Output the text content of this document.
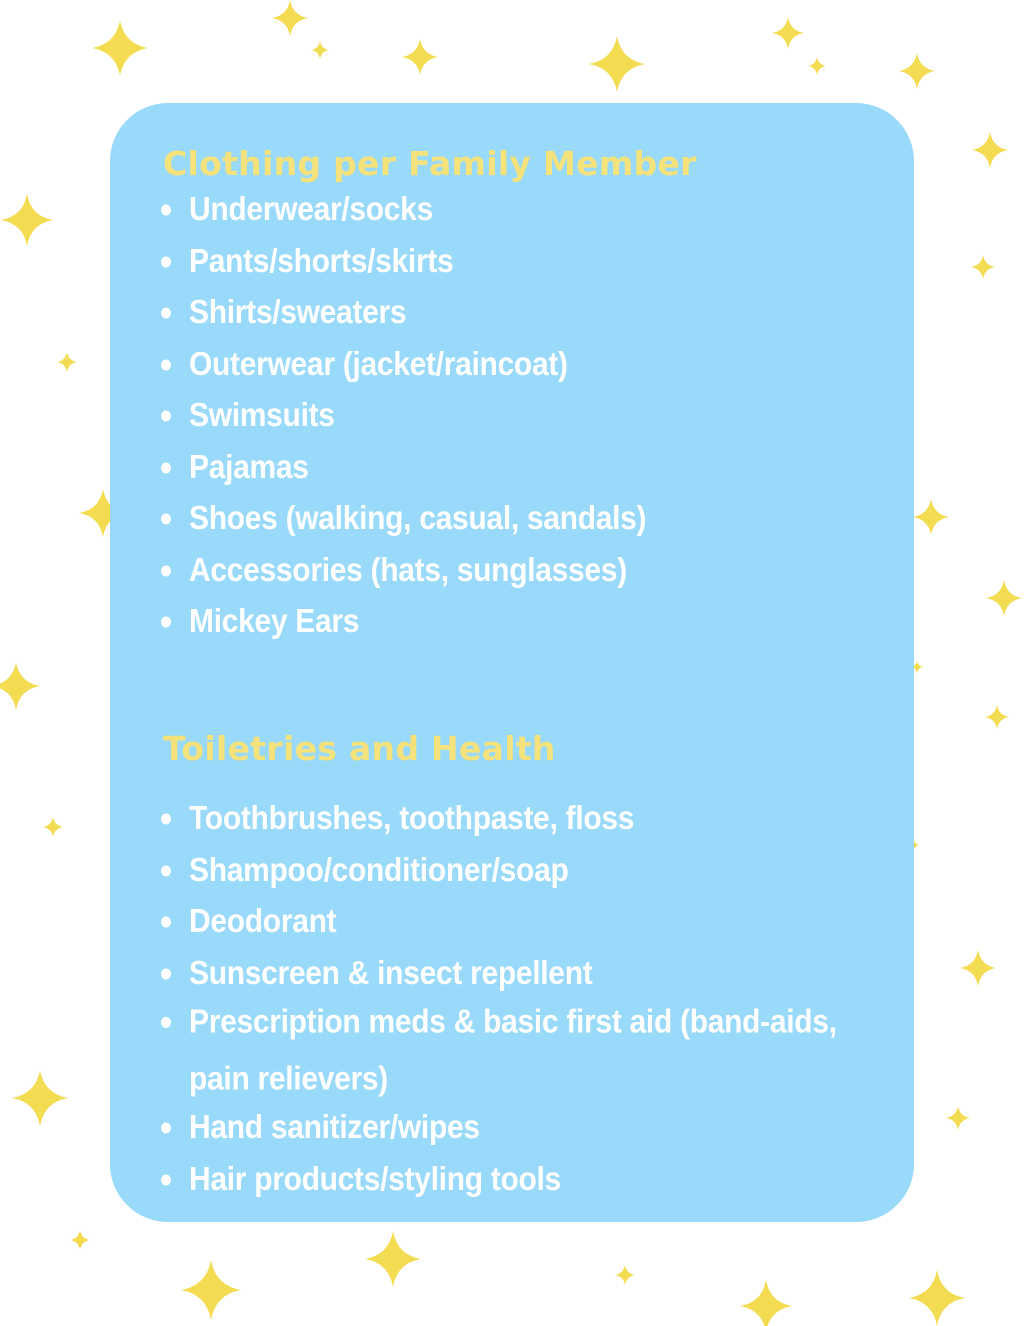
Clothing per Family Member
Underwear/socks
Pants/shorts/skirts
Shirts/sweaters
Outerwear (jacket/raincoat)
Swimsuits
Pajamas
Shoes (walking, casual, sandals)
Accessories (hats, sunglasses)
Mickey Ears
Toiletries and Health
Toothbrushes, toothpaste, floss
Shampoo/conditioner/soap
Deodorant
Sunscreen & insect repellent
Prescription meds & basic first aid (band-aids, pain relievers)
Hand sanitizer/wipes
Hair products/styling tools
